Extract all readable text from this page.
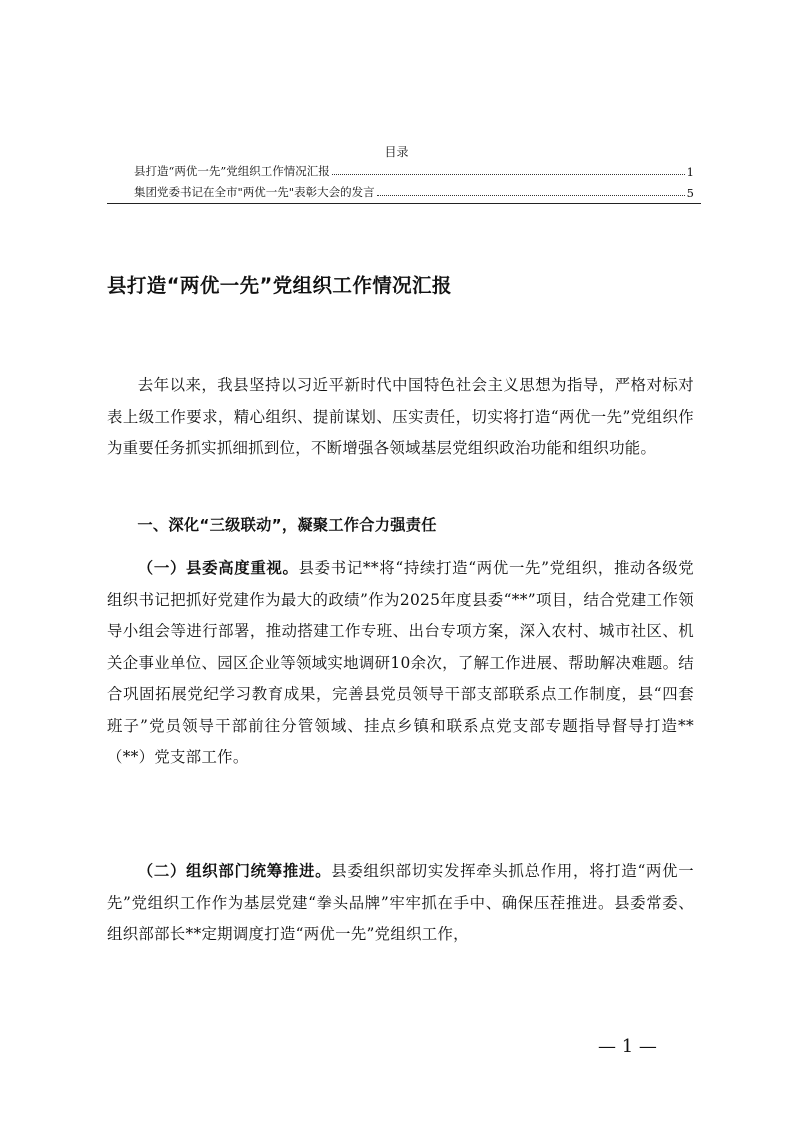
目录
县打造“两优一先”党组织工作情况汇报	1
集团党委书记在全市"两优一先"表彰大会的发言	5
县打造“两优一先”党组织工作情况汇报
去年以来，我县坚持以习近平新时代中国特色社会主义思想为指导，严格对标对表上级工作要求，精心组织、提前谋划、压实责任，切实将打造“两优一先”党组织作为重要任务抓实抓细抓到位，不断增强各领域基层党组织政治功能和组织功能。
一、深化“三级联动”，凝聚工作合力强责任
（一）县委高度重视。县委书记**将“持续打造“两优一先”党组织，推动各级党组织书记把抓好党建作为最大的政绩”作为2025年度县委“**”项目，结合党建工作领导小组会等进行部署，推动搭建工作专班、出台专项方案，深入农村、城市社区、机关企事业单位、园区企业等领域实地调研10余次，了解工作进展、帮助解决难题。结合巩固拓展党纪学习教育成果，完善县党员领导干部支部联系点工作制度，县“四套班子”党员领导干部前往分管领域、挂点乡镇和联系点党支部专题指导督导打造**（**）党支部工作。
（二）组织部门统筹推进。县委组织部切实发挥牵头抓总作用，将打造“两优一先”党组织工作作为基层党建“拳头品牌”牢牢抓在手中、确保压茬推进。县委常委、组织部部长**定期调度打造“两优一先”党组织工作，
— 1 —
